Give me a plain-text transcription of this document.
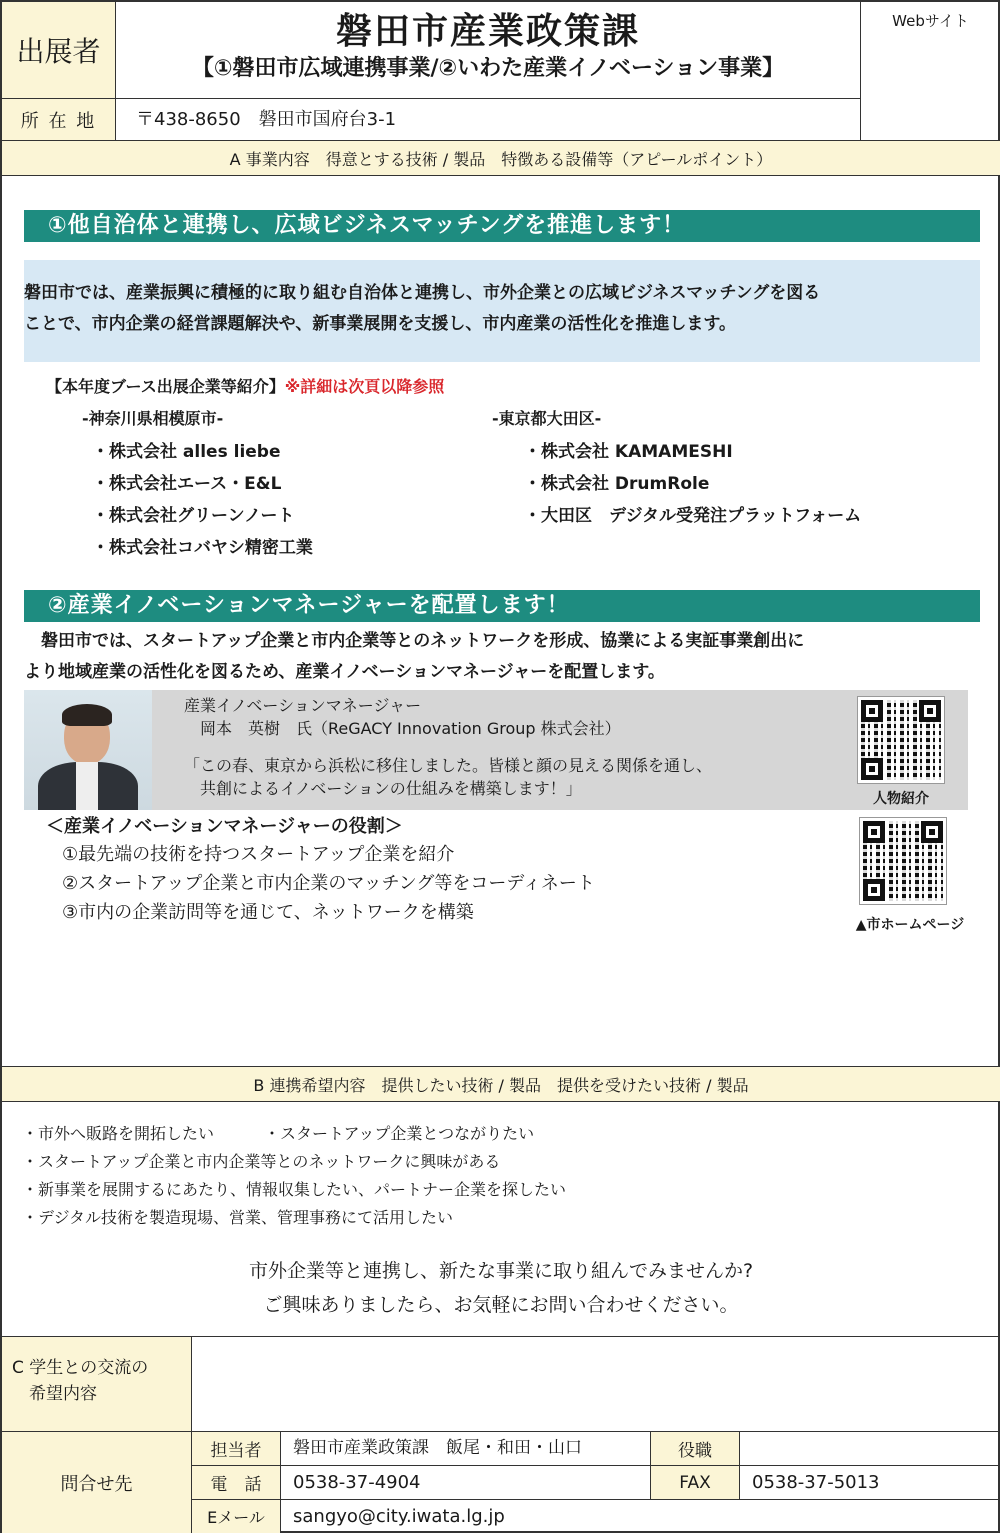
出展者	磐田市産業政策課
【①磐田市広域連携事業/②いわた産業イノベーション事業】
Webサイト
所 在 地	〒438-8650　磐田市国府台3-1
A 事業内容　得意とする技術 / 製品　特徴ある設備等（アピールポイント）
①他自治体と連携し、広域ビジネスマッチングを推進します！
磐田市では、産業振興に積極的に取り組む自治体と連携し、市外企業との広域ビジネスマッチングを図る
ことで、市内企業の経営課題解決や、新事業展開を支援し、市内産業の活性化を推進します。
【本年度ブース出展企業等紹介】※詳細は次頁以降参照
-神奈川県相模原市-	-東京都大田区-
・株式会社 alles liebe
・株式会社エース・E&L
・株式会社グリーンノート
・株式会社コバヤシ精密工業
・株式会社 KAMAMESHI
・株式会社 DrumRole
・大田区　デジタル受発注プラットフォーム
②産業イノベーションマネージャーを配置します！
　磐田市では、スタートアップ企業と市内企業等とのネットワークを形成、協業による実証事業創出に
より地域産業の活性化を図るため、産業イノベーションマネージャーを配置します。
産業イノベーションマネージャー
　岡本　英樹　氏（ReGACY Innovation Group 株式会社）
「この春、東京から浜松に移住しました。皆様と顔の見える関係を通し、
　共創によるイノベーションの仕組みを構築します！」
人物紹介
＜産業イノベーションマネージャーの役割＞
①最先端の技術を持つスタートアップ企業を紹介
②スタートアップ企業と市内企業のマッチング等をコーディネート
③市内の企業訪問等を通じて、ネットワークを構築
▲市ホームページ
B 連携希望内容　提供したい技術 / 製品　提供を受けたい技術 / 製品
・市外へ販路を開拓したい	・スタートアップ企業とつながりたい
・スタートアップ企業と市内企業等とのネットワークに興味がある
・新事業を展開するにあたり、情報収集したい、パートナー企業を探したい
・デジタル技術を製造現場、営業、管理事務にて活用したい
市外企業等と連携し、新たな事業に取り組んでみませんか?
ご興味ありましたら、お気軽にお問い合わせください。
C 学生との交流の
　希望内容
問合せ先
担当者	磐田市産業政策課　飯尾・和田・山口	役職
電　話	0538-37-4904	FAX	0538-37-5013
Eメール	sangyo@city.iwata.lg.jp
